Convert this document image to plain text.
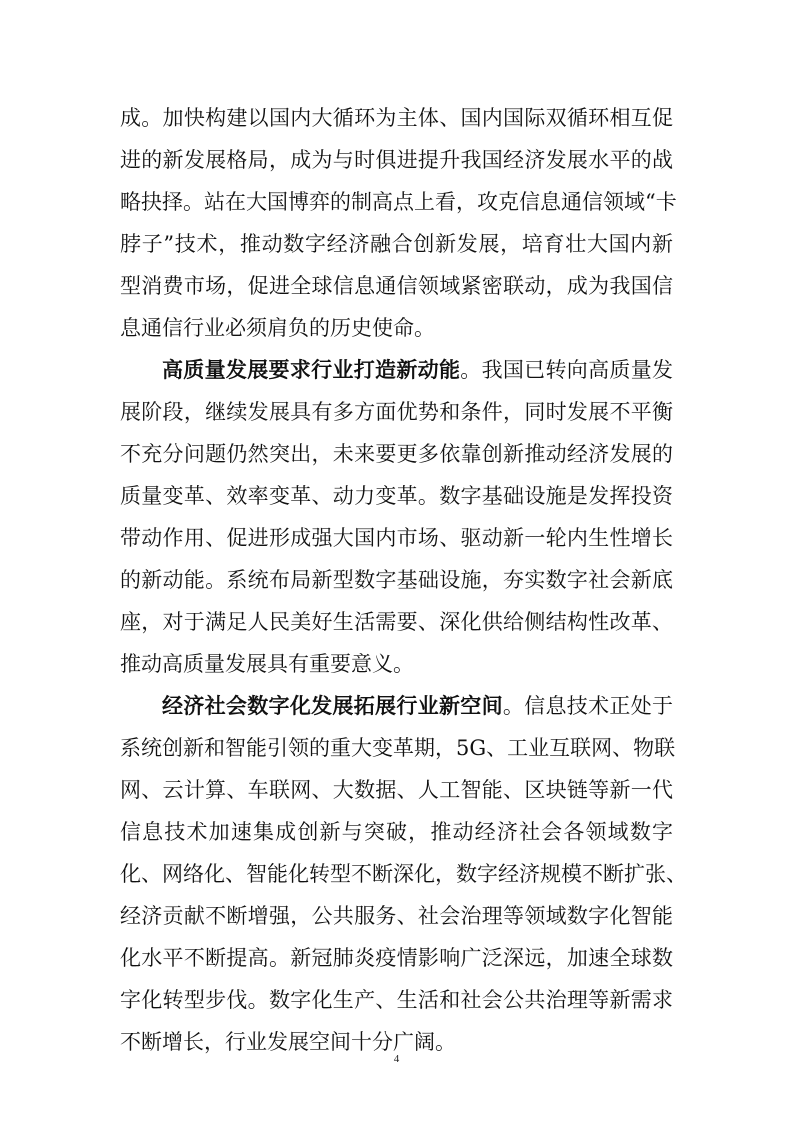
成。加快构建以国内大循环为主体、国内国际双循环相互促
进的新发展格局，成为与时俱进提升我国经济发展水平的战
略抉择。站在大国博弈的制高点上看，攻克信息通信领域“卡
脖子”技术，推动数字经济融合创新发展，培育壮大国内新
型消费市场，促进全球信息通信领域紧密联动，成为我国信
息通信行业必须肩负的历史使命。
高质量发展要求行业打造新动能。我国已转向高质量发
展阶段，继续发展具有多方面优势和条件，同时发展不平衡
不充分问题仍然突出，未来要更多依靠创新推动经济发展的
质量变革、效率变革、动力变革。数字基础设施是发挥投资
带动作用、促进形成强大国内市场、驱动新一轮内生性增长
的新动能。系统布局新型数字基础设施，夯实数字社会新底
座，对于满足人民美好生活需要、深化供给侧结构性改革、
推动高质量发展具有重要意义。
经济社会数字化发展拓展行业新空间。信息技术正处于
系统创新和智能引领的重大变革期，5G、工业互联网、物联
网、云计算、车联网、大数据、人工智能、区块链等新一代
信息技术加速集成创新与突破，推动经济社会各领域数字
化、网络化、智能化转型不断深化，数字经济规模不断扩张、
经济贡献不断增强，公共服务、社会治理等领域数字化智能
化水平不断提高。新冠肺炎疫情影响广泛深远，加速全球数
字化转型步伐。数字化生产、生活和社会公共治理等新需求
不断增长，行业发展空间十分广阔。
4
